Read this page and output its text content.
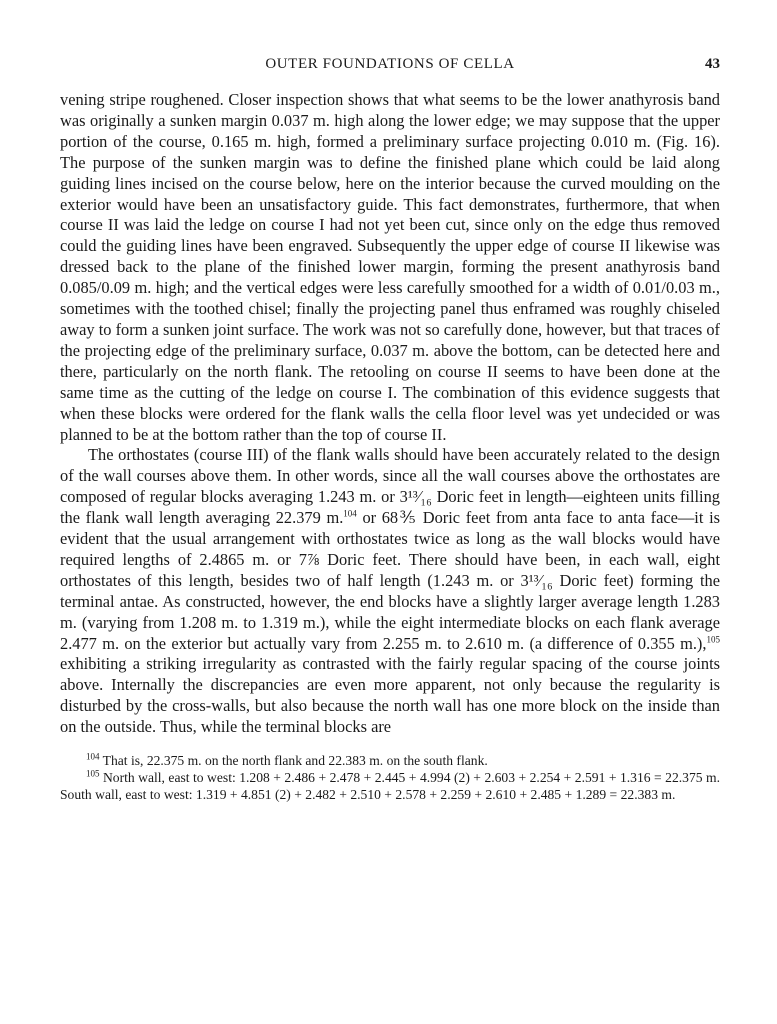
OUTER FOUNDATIONS OF CELLA	43

vening stripe roughened. Closer inspection shows that what seems to be the lower anathyrosis band was originally a sunken margin 0.037 m. high along the lower edge; we may suppose that the upper portion of the course, 0.165 m. high, formed a preliminary surface projecting 0.010 m. (Fig. 16). The purpose of the sunken margin was to define the finished plane which could be laid along guiding lines incised on the course below, here on the interior because the curved moulding on the exterior would have been an unsatisfactory guide. This fact demonstrates, furthermore, that when course II was laid the ledge on course I had not yet been cut, since only on the edge thus removed could the guiding lines have been engraved. Subsequently the upper edge of course II likewise was dressed back to the plane of the finished lower margin, forming the present anathyrosis band 0.085/0.09 m. high; and the vertical edges were less carefully smoothed for a width of 0.01/0.03 m., sometimes with the toothed chisel; finally the projecting panel thus enframed was roughly chiseled away to form a sunken joint surface. The work was not so carefully done, however, but that traces of the projecting edge of the preliminary surface, 0.037 m. above the bottom, can be detected here and there, particularly on the north flank. The retooling on course II seems to have been done at the same time as the cutting of the ledge on course I. The combination of this evidence suggests that when these blocks were ordered for the flank walls the cella floor level was yet undecided or was planned to be at the bottom rather than the top of course II.

The orthostates (course III) of the flank walls should have been accurately related to the design of the wall courses above them. In other words, since all the wall courses above the orthostates are composed of regular blocks averaging 1.243 m. or 3¹³⁄₁₆ Doric feet in length—eighteen units filling the flank wall length averaging 22.379 m.$^{104}$ or 68⅗ Doric feet from anta face to anta face—it is evident that the usual arrangement with orthostates twice as long as the wall blocks would have required lengths of 2.4865 m. or 7⅞ Doric feet. There should have been, in each wall, eight orthostates of this length, besides two of half length (1.243 m. or 3¹³⁄₁₆ Doric feet) forming the terminal antae. As constructed, however, the end blocks have a slightly larger average length 1.283 m. (varying from 1.208 m. to 1.319 m.), while the eight intermediate blocks on each flank average 2.477 m. on the exterior but actually vary from 2.255 m. to 2.610 m. (a difference of 0.355 m.),$^{105}$ exhibiting a striking irregularity as contrasted with the fairly regular spacing of the course joints above. Internally the discrepancies are even more apparent, not only because the regularity is disturbed by the cross-walls, but also because the north wall has one more block on the inside than on the outside. Thus, while the terminal blocks are

$^{104}$ That is, 22.375 m. on the north flank and 22.383 m. on the south flank.

$^{105}$ North wall, east to west: 1.208 + 2.486 + 2.478 + 2.445 + 4.994 (2) + 2.603 + 2.254 + 2.591 + 1.316 = 22.375 m. South wall, east to west: 1.319 + 4.851 (2) + 2.482 + 2.510 + 2.578 + 2.259 + 2.610 + 2.485 + 1.289 = 22.383 m.
